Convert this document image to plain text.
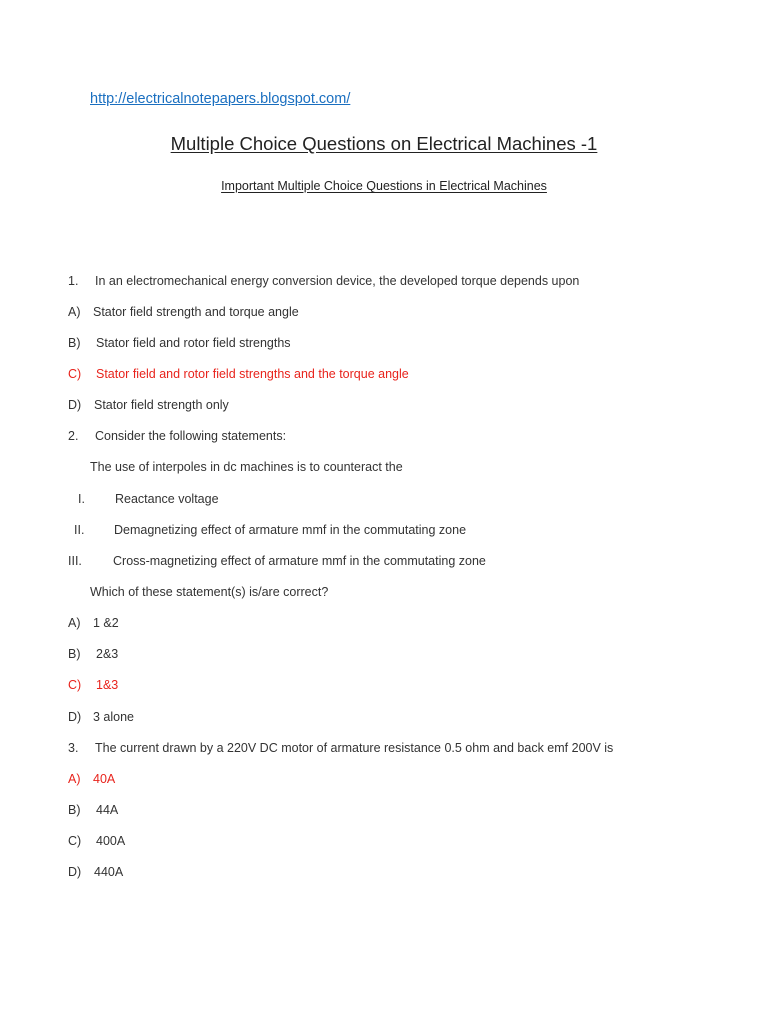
http://electricalnotepapers.blogspot.com/
Multiple Choice Questions on Electrical Machines -1
Important Multiple Choice Questions in Electrical Machines
1. In an electromechanical energy conversion device, the developed torque depends upon
A) Stator field strength and torque angle
B) Stator field and rotor field strengths
C) Stator field and rotor field strengths and the torque angle
D) Stator field strength only
2. Consider the following statements:
The use of interpoles in dc machines is to counteract the
I. Reactance voltage
II. Demagnetizing effect of armature mmf in the commutating zone
III. Cross-magnetizing effect of armature mmf in the commutating zone
Which of these statement(s) is/are correct?
A) 1 &2
B) 2&3
C) 1&3
D) 3 alone
3. The current drawn by a 220V DC motor of armature resistance 0.5 ohm and back emf 200V is
A) 40A
B) 44A
C) 400A
D) 440A
